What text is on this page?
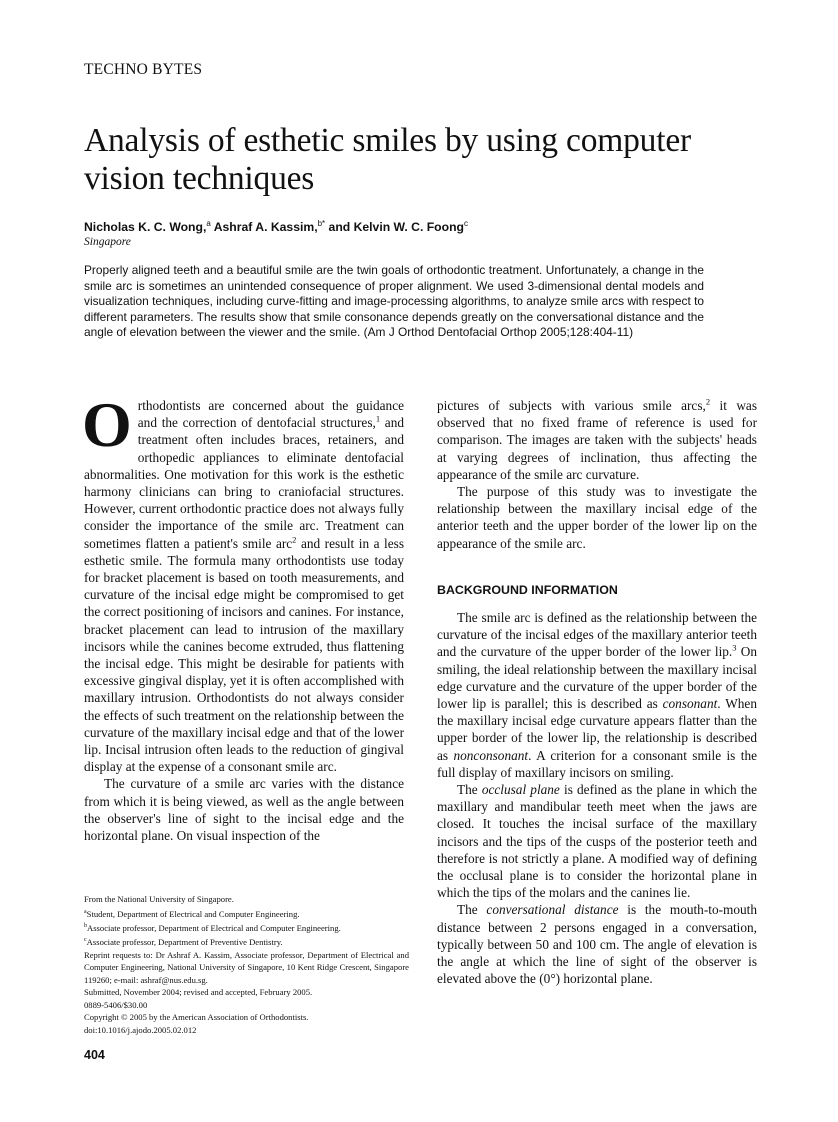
TECHNO BYTES
Analysis of esthetic smiles by using computer vision techniques
Nicholas K. C. Wong,$^a$ Ashraf A. Kassim,$^{b*}$ and Kelvin W. C. Foong$^c$
Singapore

Properly aligned teeth and a beautiful smile are the twin goals of orthodontic treatment. Unfortunately, a change in the smile arc is sometimes an unintended consequence of proper alignment. We used 3-dimensional dental models and visualization techniques, including curve-fitting and image-processing algorithms, to analyze smile arcs with respect to different parameters. The results show that smile consonance depends greatly on the conversational distance and the angle of elevation between the viewer and the smile. (Am J Orthod Dentofacial Orthop 2005;128:404-11)

Orthodontists are concerned about the guidance and the correction of dentofacial structures,$^1$ and treatment often includes braces, retainers, and orthopedic appliances to eliminate dentofacial abnormalities. One motivation for this work is the esthetic harmony clinicians can bring to craniofacial structures. However, current orthodontic practice does not always fully consider the importance of the smile arc. Treatment can sometimes flatten a patient's smile arc$^2$ and result in a less esthetic smile. The formula many orthodontists use today for bracket placement is based on tooth measurements, and curvature of the incisal edge might be compromised to get the correct positioning of incisors and canines. For instance, bracket placement can lead to intrusion of the maxillary incisors while the canines become extruded, thus flattening the incisal edge. This might be desirable for patients with excessive gingival display, yet it is often accomplished with maxillary intrusion. Orthodontists do not always consider the effects of such treatment on the relationship between the curvature of the maxillary incisal edge and that of the lower lip. Incisal intrusion often leads to the reduction of gingival display at the expense of a consonant smile arc.

The curvature of a smile arc varies with the distance from which it is being viewed, as well as the angle between the observer's line of sight to the incisal edge and the horizontal plane. On visual inspection of the

pictures of subjects with various smile arcs,$^2$ it was observed that no fixed frame of reference is used for comparison. The images are taken with the subjects' heads at varying degrees of inclination, thus affecting the appearance of the smile arc curvature.

The purpose of this study was to investigate the relationship between the maxillary incisal edge of the anterior teeth and the upper border of the lower lip on the appearance of the smile arc.

BACKGROUND INFORMATION

The smile arc is defined as the relationship between the curvature of the incisal edges of the maxillary anterior teeth and the curvature of the upper border of the lower lip.$^3$ On smiling, the ideal relationship between the maxillary incisal edge curvature and the curvature of the upper border of the lower lip is parallel; this is described as consonant. When the maxillary incisal edge curvature appears flatter than the upper border of the lower lip, the relationship is described as nonconsonant. A criterion for a consonant smile is the full display of maxillary incisors on smiling.

The occlusal plane is defined as the plane in which the maxillary and mandibular teeth meet when the jaws are closed. It touches the incisal surface of the maxillary incisors and the tips of the cusps of the posterior teeth and therefore is not strictly a plane. A modified way of defining the occlusal plane is to consider the horizontal plane in which the tips of the molars and the canines lie.

The conversational distance is the mouth-to-mouth distance between 2 persons engaged in a conversation, typically between 50 and 100 cm. The angle of elevation is the angle at which the line of sight of the observer is elevated above the (0°) horizontal plane.

From the National University of Singapore.
$^a$Student, Department of Electrical and Computer Engineering.
$^b$Associate professor, Department of Electrical and Computer Engineering.
$^c$Associate professor, Department of Preventive Dentistry.
Reprint requests to: Dr Ashraf A. Kassim, Associate professor, Department of Electrical and Computer Engineering, National University of Singapore, 10 Kent Ridge Crescent, Singapore 119260; e-mail: ashraf@nus.edu.sg.
Submitted, November 2004; revised and accepted, February 2005.
0889-5406/$30.00
Copyright © 2005 by the American Association of Orthodontists.
doi:10.1016/j.ajodo.2005.02.012
404
